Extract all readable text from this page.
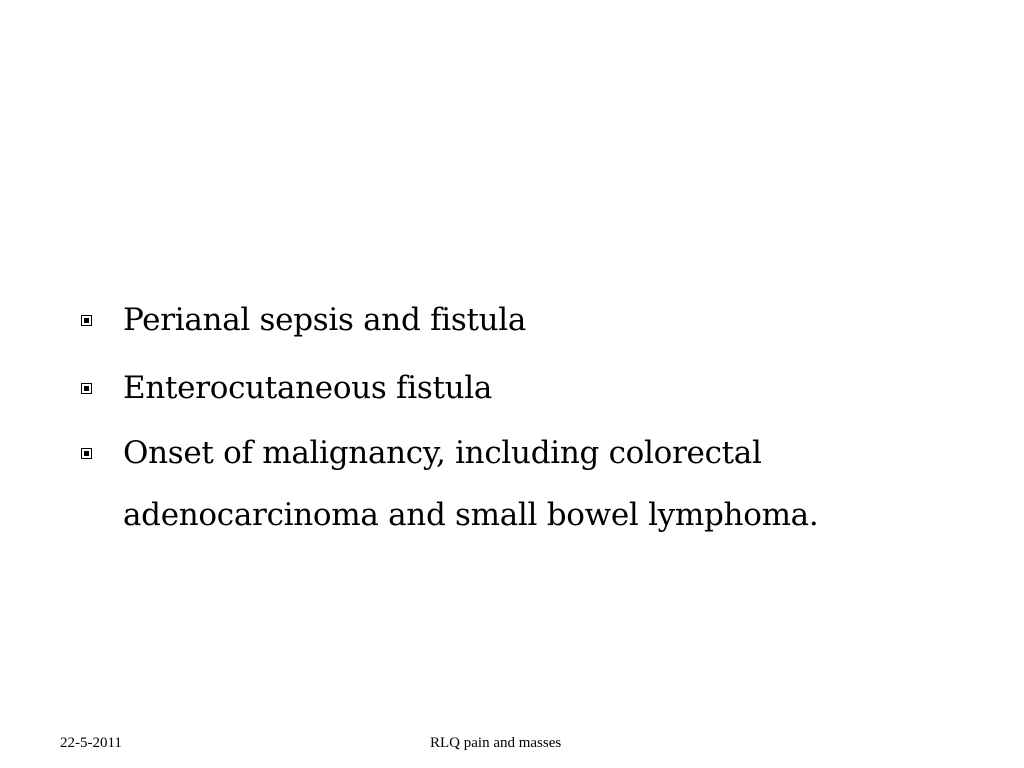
Perianal sepsis and fistula
Enterocutaneous fistula
Onset of malignancy, including colorectal adenocarcinoma and small bowel lymphoma.
22-5-2011	RLQ pain and masses
